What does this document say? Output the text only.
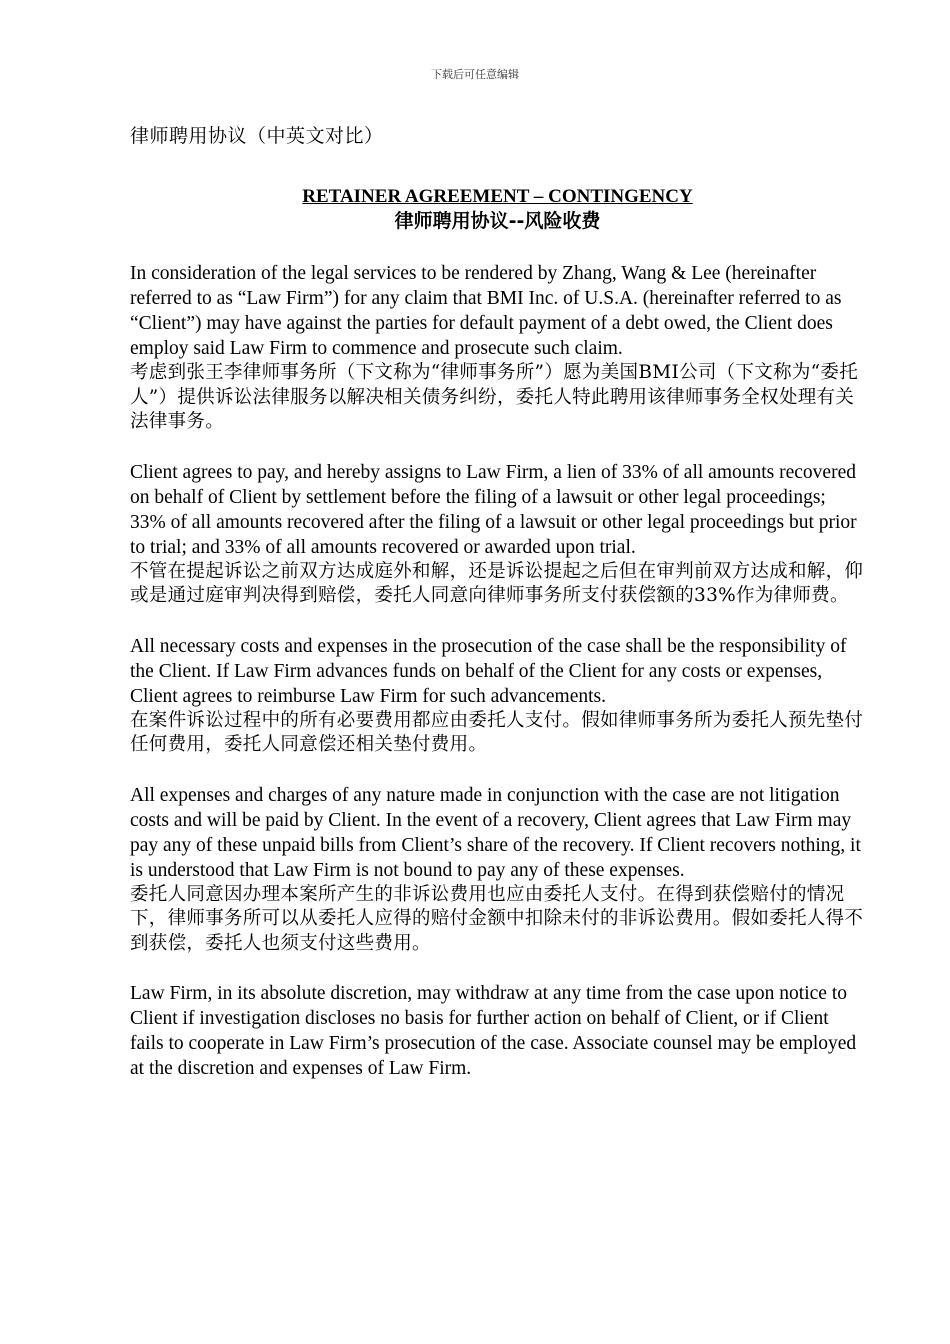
下载后可任意编辑

律师聘用协议（中英文对比）

RETAINER AGREEMENT – CONTINGENCY

律师聘用协议--风险收费

In consideration of the legal services to be rendered by Zhang, Wang & Lee (hereinafter referred to as “Law Firm”) for any claim that BMI Inc. of U.S.A. (hereinafter referred to as “Client”) may have against the parties for default payment of a debt owed, the Client does employ said Law Firm to commence and prosecute such claim.

考虑到张王李律师事务所（下文称为“律师事务所”）愿为美国BMI公司（下文称为“委托人”）提供诉讼法律服务以解决相关债务纠纷，委托人特此聘用该律师事务全权处理有关法律事务。

Client agrees to pay, and hereby assigns to Law Firm, a lien of 33% of all amounts recovered on behalf of Client by settlement before the filing of a lawsuit or other legal proceedings; 33% of all amounts recovered after the filing of a lawsuit or other legal proceedings but prior to trial; and 33% of all amounts recovered or awarded upon trial.

不管在提起诉讼之前双方达成庭外和解，还是诉讼提起之后但在审判前双方达成和解，仰或是通过庭审判决得到赔偿，委托人同意向律师事务所支付获偿额的33%作为律师费。

All necessary costs and expenses in the prosecution of the case shall be the responsibility of the Client. If Law Firm advances funds on behalf of the Client for any costs or expenses, Client agrees to reimburse Law Firm for such advancements.

在案件诉讼过程中的所有必要费用都应由委托人支付。假如律师事务所为委托人预先垫付任何费用，委托人同意偿还相关垫付费用。

All expenses and charges of any nature made in conjunction with the case are not litigation costs and will be paid by Client. In the event of a recovery, Client agrees that Law Firm may pay any of these unpaid bills from Client’s share of the recovery. If Client recovers nothing, it is understood that Law Firm is not bound to pay any of these expenses.

委托人同意因办理本案所产生的非诉讼费用也应由委托人支付。在得到获偿赔付的情况下，律师事务所可以从委托人应得的赔付金额中扣除未付的非诉讼费用。假如委托人得不到获偿，委托人也须支付这些费用。

Law Firm, in its absolute discretion, may withdraw at any time from the case upon notice to Client if investigation discloses no basis for further action on behalf of Client, or if Client fails to cooperate in Law Firm’s prosecution of the case. Associate counsel may be employed at the discretion and expenses of Law Firm.
